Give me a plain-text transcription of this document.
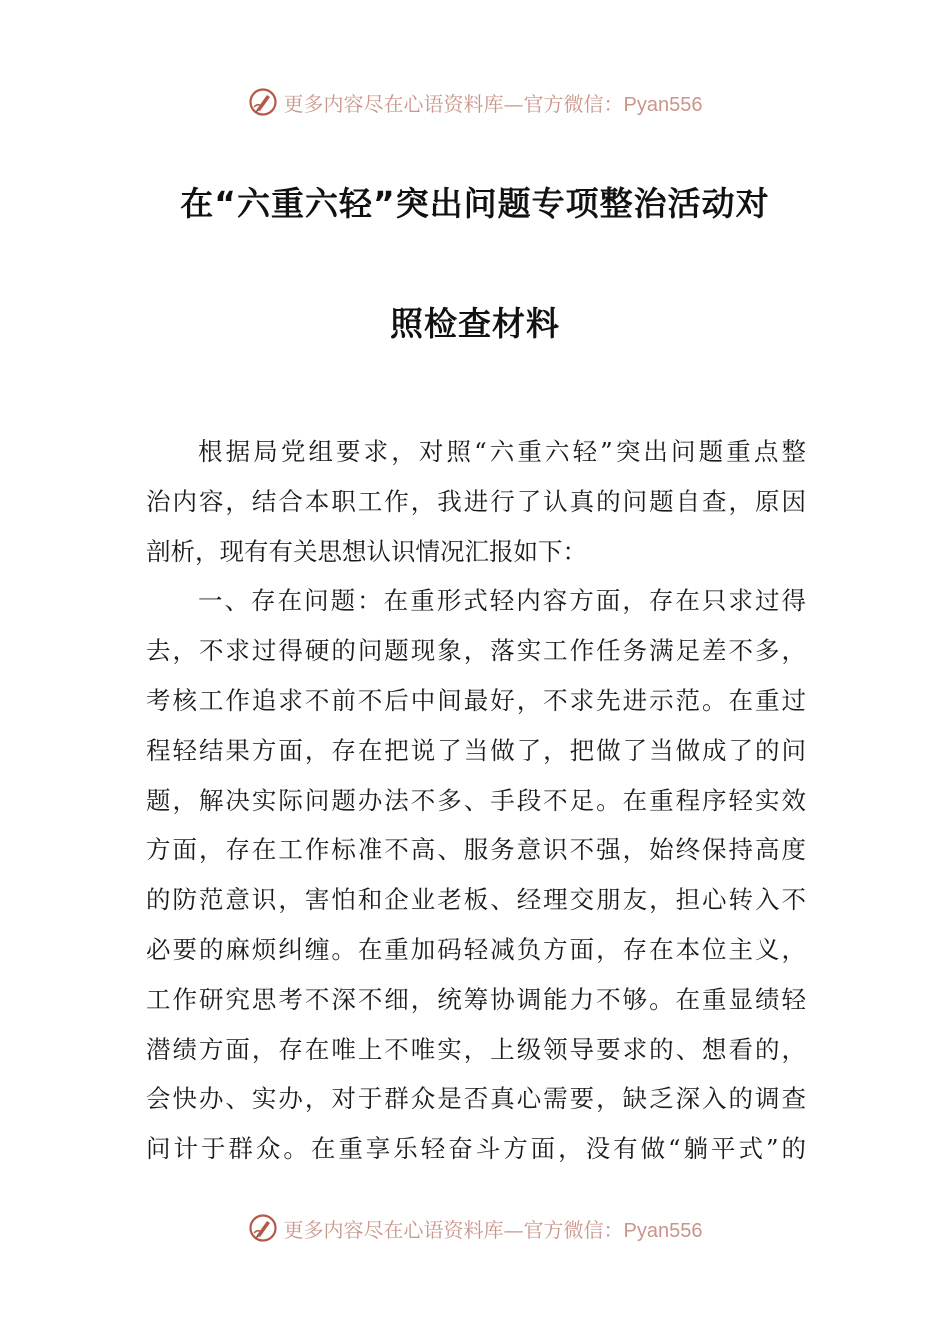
更多内容尽在心语资料库—官方微信：Pyan556
在“六重六轻”突出问题专项整治活动对
照检查材料
根据局党组要求，对照“六重六轻”突出问题重点整
治内容，结合本职工作，我进行了认真的问题自查，原因
剖析，现有有关思想认识情况汇报如下：
一、存在问题：在重形式轻内容方面，存在只求过得
去，不求过得硬的问题现象，落实工作任务满足差不多，
考核工作追求不前不后中间最好，不求先进示范。在重过
程轻结果方面，存在把说了当做了，把做了当做成了的问
题，解决实际问题办法不多、手段不足。在重程序轻实效
方面，存在工作标准不高、服务意识不强，始终保持高度
的防范意识，害怕和企业老板、经理交朋友，担心转入不
必要的麻烦纠缠。在重加码轻减负方面，存在本位主义，
工作研究思考不深不细，统筹协调能力不够。在重显绩轻
潜绩方面，存在唯上不唯实，上级领导要求的、想看的，
会快办、实办，对于群众是否真心需要，缺乏深入的调查
问计于群众。在重享乐轻奋斗方面，没有做“躺平式”的
更多内容尽在心语资料库—官方微信：Pyan556
